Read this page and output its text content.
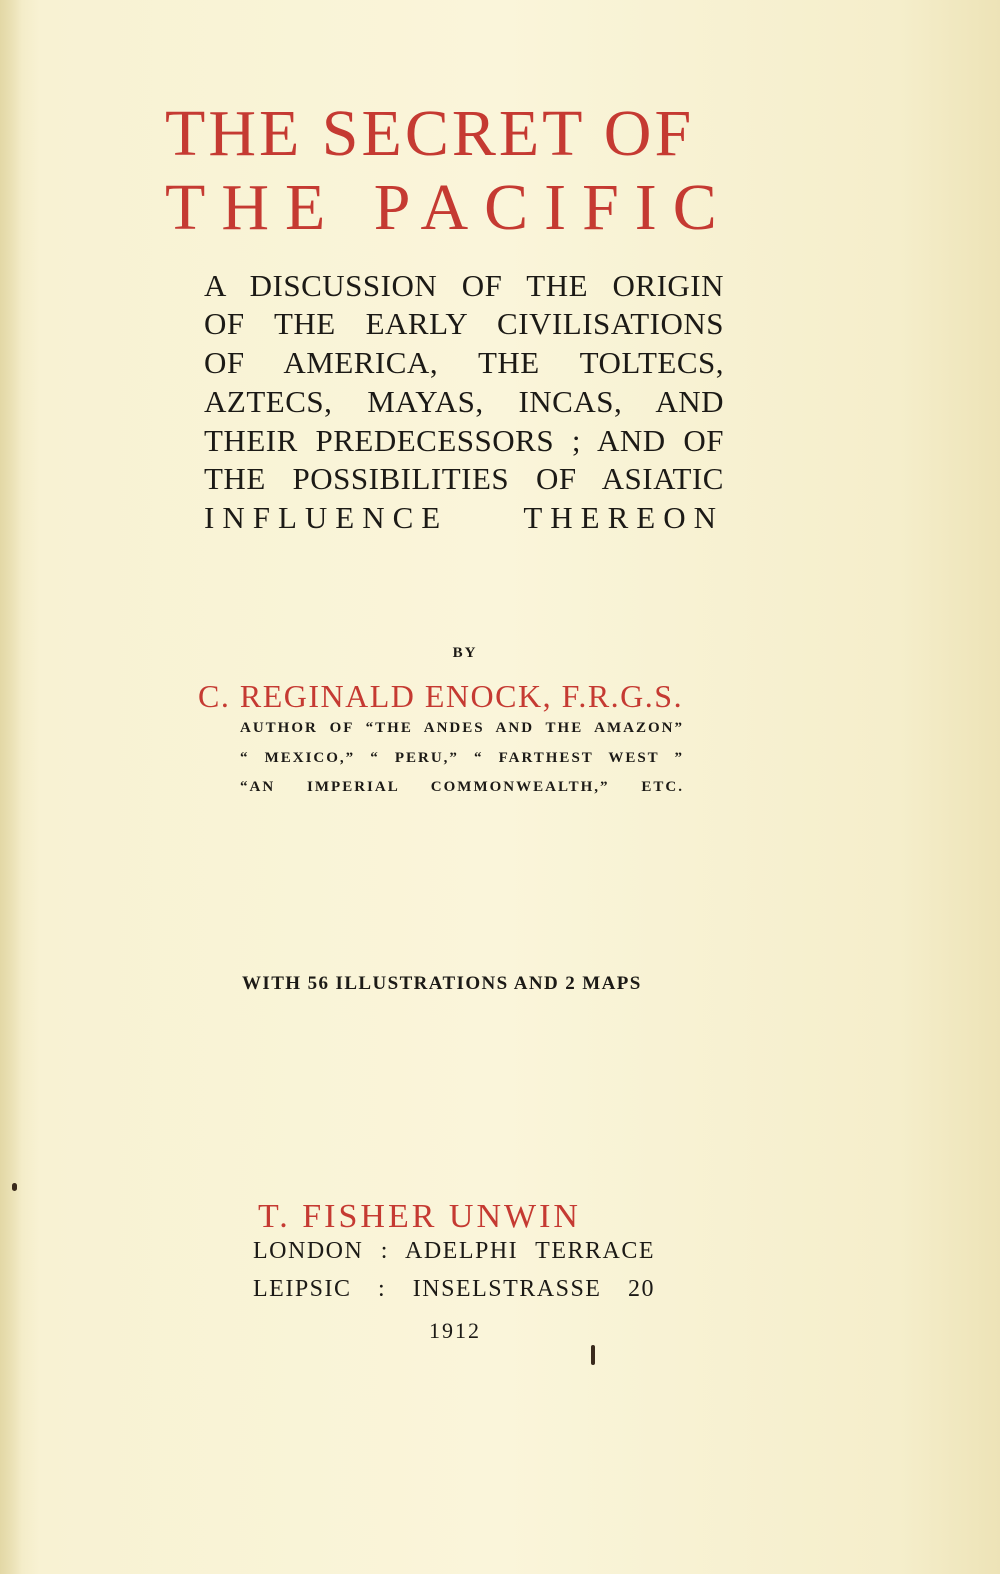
THE SECRET OF
THE PACIFIC
A DISCUSSION OF THE ORIGIN
OF THE EARLY CIVILISATIONS
OF AMERICA, THE TOLTECS,
AZTECS, MAYAS, INCAS, AND
THEIR PREDECESSORS ; AND OF
THE POSSIBILITIES OF ASIATIC
INFLUENCE THEREON
BY
C. REGINALD ENOCK, F.R.G.S.
AUTHOR OF “THE ANDES AND THE AMAZON”
“ MEXICO,” “ PERU,” “ FARTHEST WEST ”
“AN IMPERIAL COMMONWEALTH,” ETC.
WITH 56 ILLUSTRATIONS AND 2 MAPS
T. FISHER UNWIN
LONDON : ADELPHI TERRACE
LEIPSIC : INSELSTRASSE 20
1912
